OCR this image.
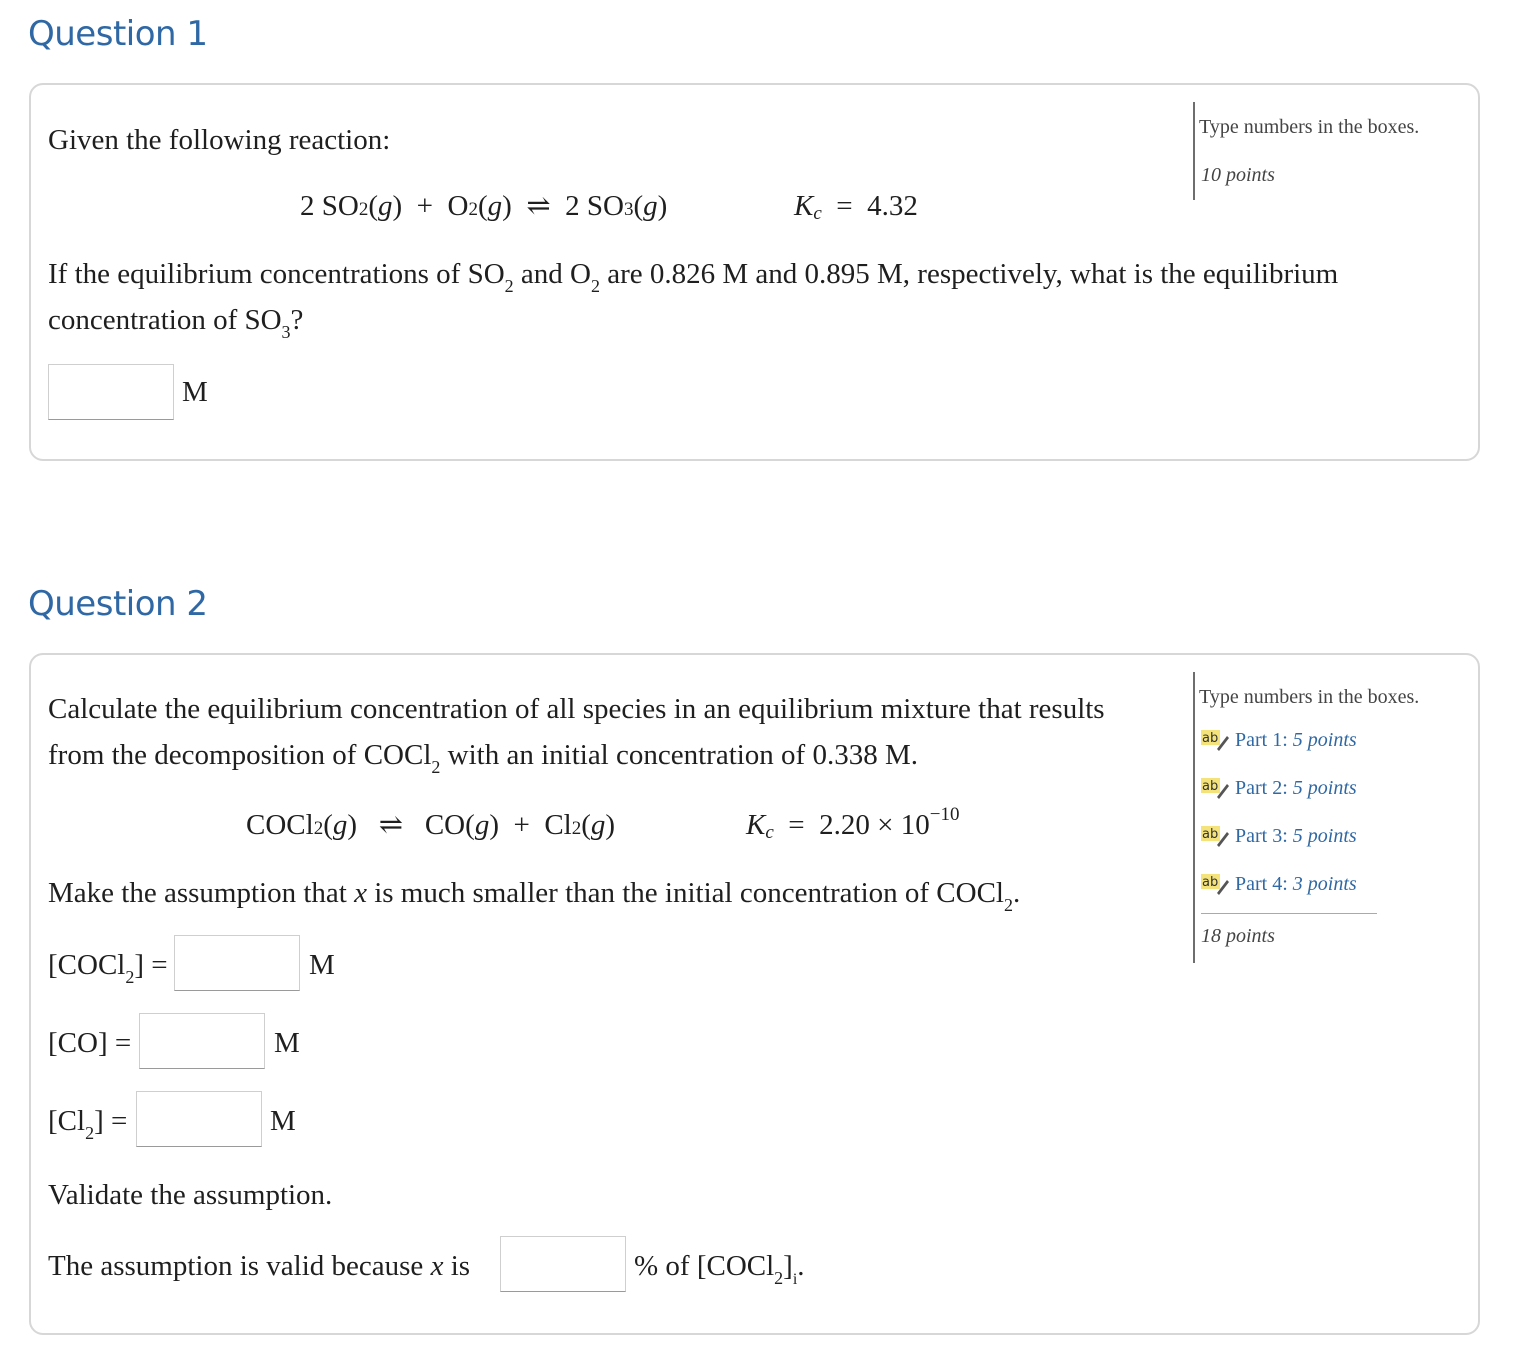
Question 1
Type numbers in the boxes.
10 points
Given the following reaction:
2 SO2(g)  + O2(g)  ⇌ 2 SO3(g)	Kc = 4.32
If the equilibrium concentrations of $SO_2$ and $O_2$ are 0.826 M and 0.895 M, respectively, what is the equilibrium
concentration of $SO_3$?
M
Question 2
Type numbers in the boxes.
ab Part 1: 5 points
ab Part 2: 5 points
ab Part 3: 5 points
ab Part 4: 3 points
18 points
Calculate the equilibrium concentration of all species in an equilibrium mixture that results
from the decomposition of COCl$_2$ with an initial concentration of 0.338 M.
COCl2(g)   ⇌ CO(g)  + Cl2(g)	$Kc = 2.20 \times 10^{-10}$
Make the assumption that x is much smaller than the initial concentration of COCl$_2$.
[COCl$_2$] =	M
[CO] =	M
$[Cl_2]$ =	M
Validate the assumption.
The assumption is valid because x is	% of $[COCl_2]_i$.
